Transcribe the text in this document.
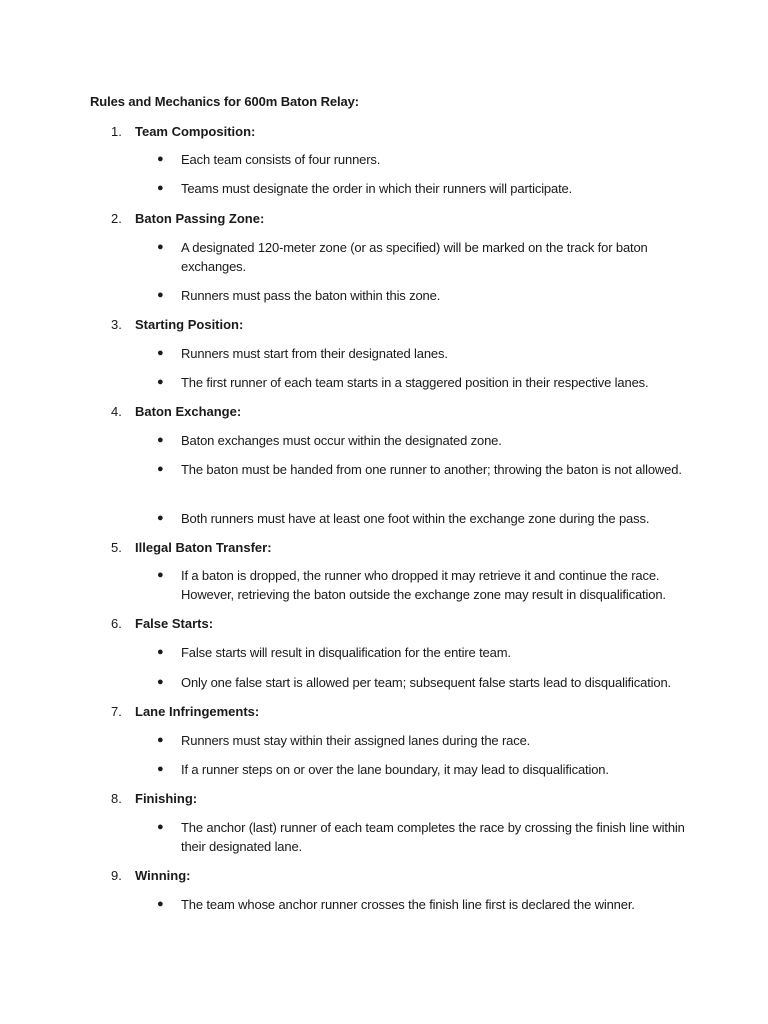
Rules and Mechanics for 600m Baton Relay:
1. Team Composition:
● Each team consists of four runners.
● Teams must designate the order in which their runners will participate.
2. Baton Passing Zone:
● A designated 120-meter zone (or as specified) will be marked on the track for baton exchanges.
● Runners must pass the baton within this zone.
3. Starting Position:
● Runners must start from their designated lanes.
● The first runner of each team starts in a staggered position in their respective lanes.
4. Baton Exchange:
● Baton exchanges must occur within the designated zone.
● The baton must be handed from one runner to another; throwing the baton is not allowed.
● Both runners must have at least one foot within the exchange zone during the pass.
5. Illegal Baton Transfer:
● If a baton is dropped, the runner who dropped it may retrieve it and continue the race. However, retrieving the baton outside the exchange zone may result in disqualification.
6. False Starts:
● False starts will result in disqualification for the entire team.
● Only one false start is allowed per team; subsequent false starts lead to disqualification.
7. Lane Infringements:
● Runners must stay within their assigned lanes during the race.
● If a runner steps on or over the lane boundary, it may lead to disqualification.
8. Finishing:
● The anchor (last) runner of each team completes the race by crossing the finish line within their designated lane.
9. Winning:
● The team whose anchor runner crosses the finish line first is declared the winner.
